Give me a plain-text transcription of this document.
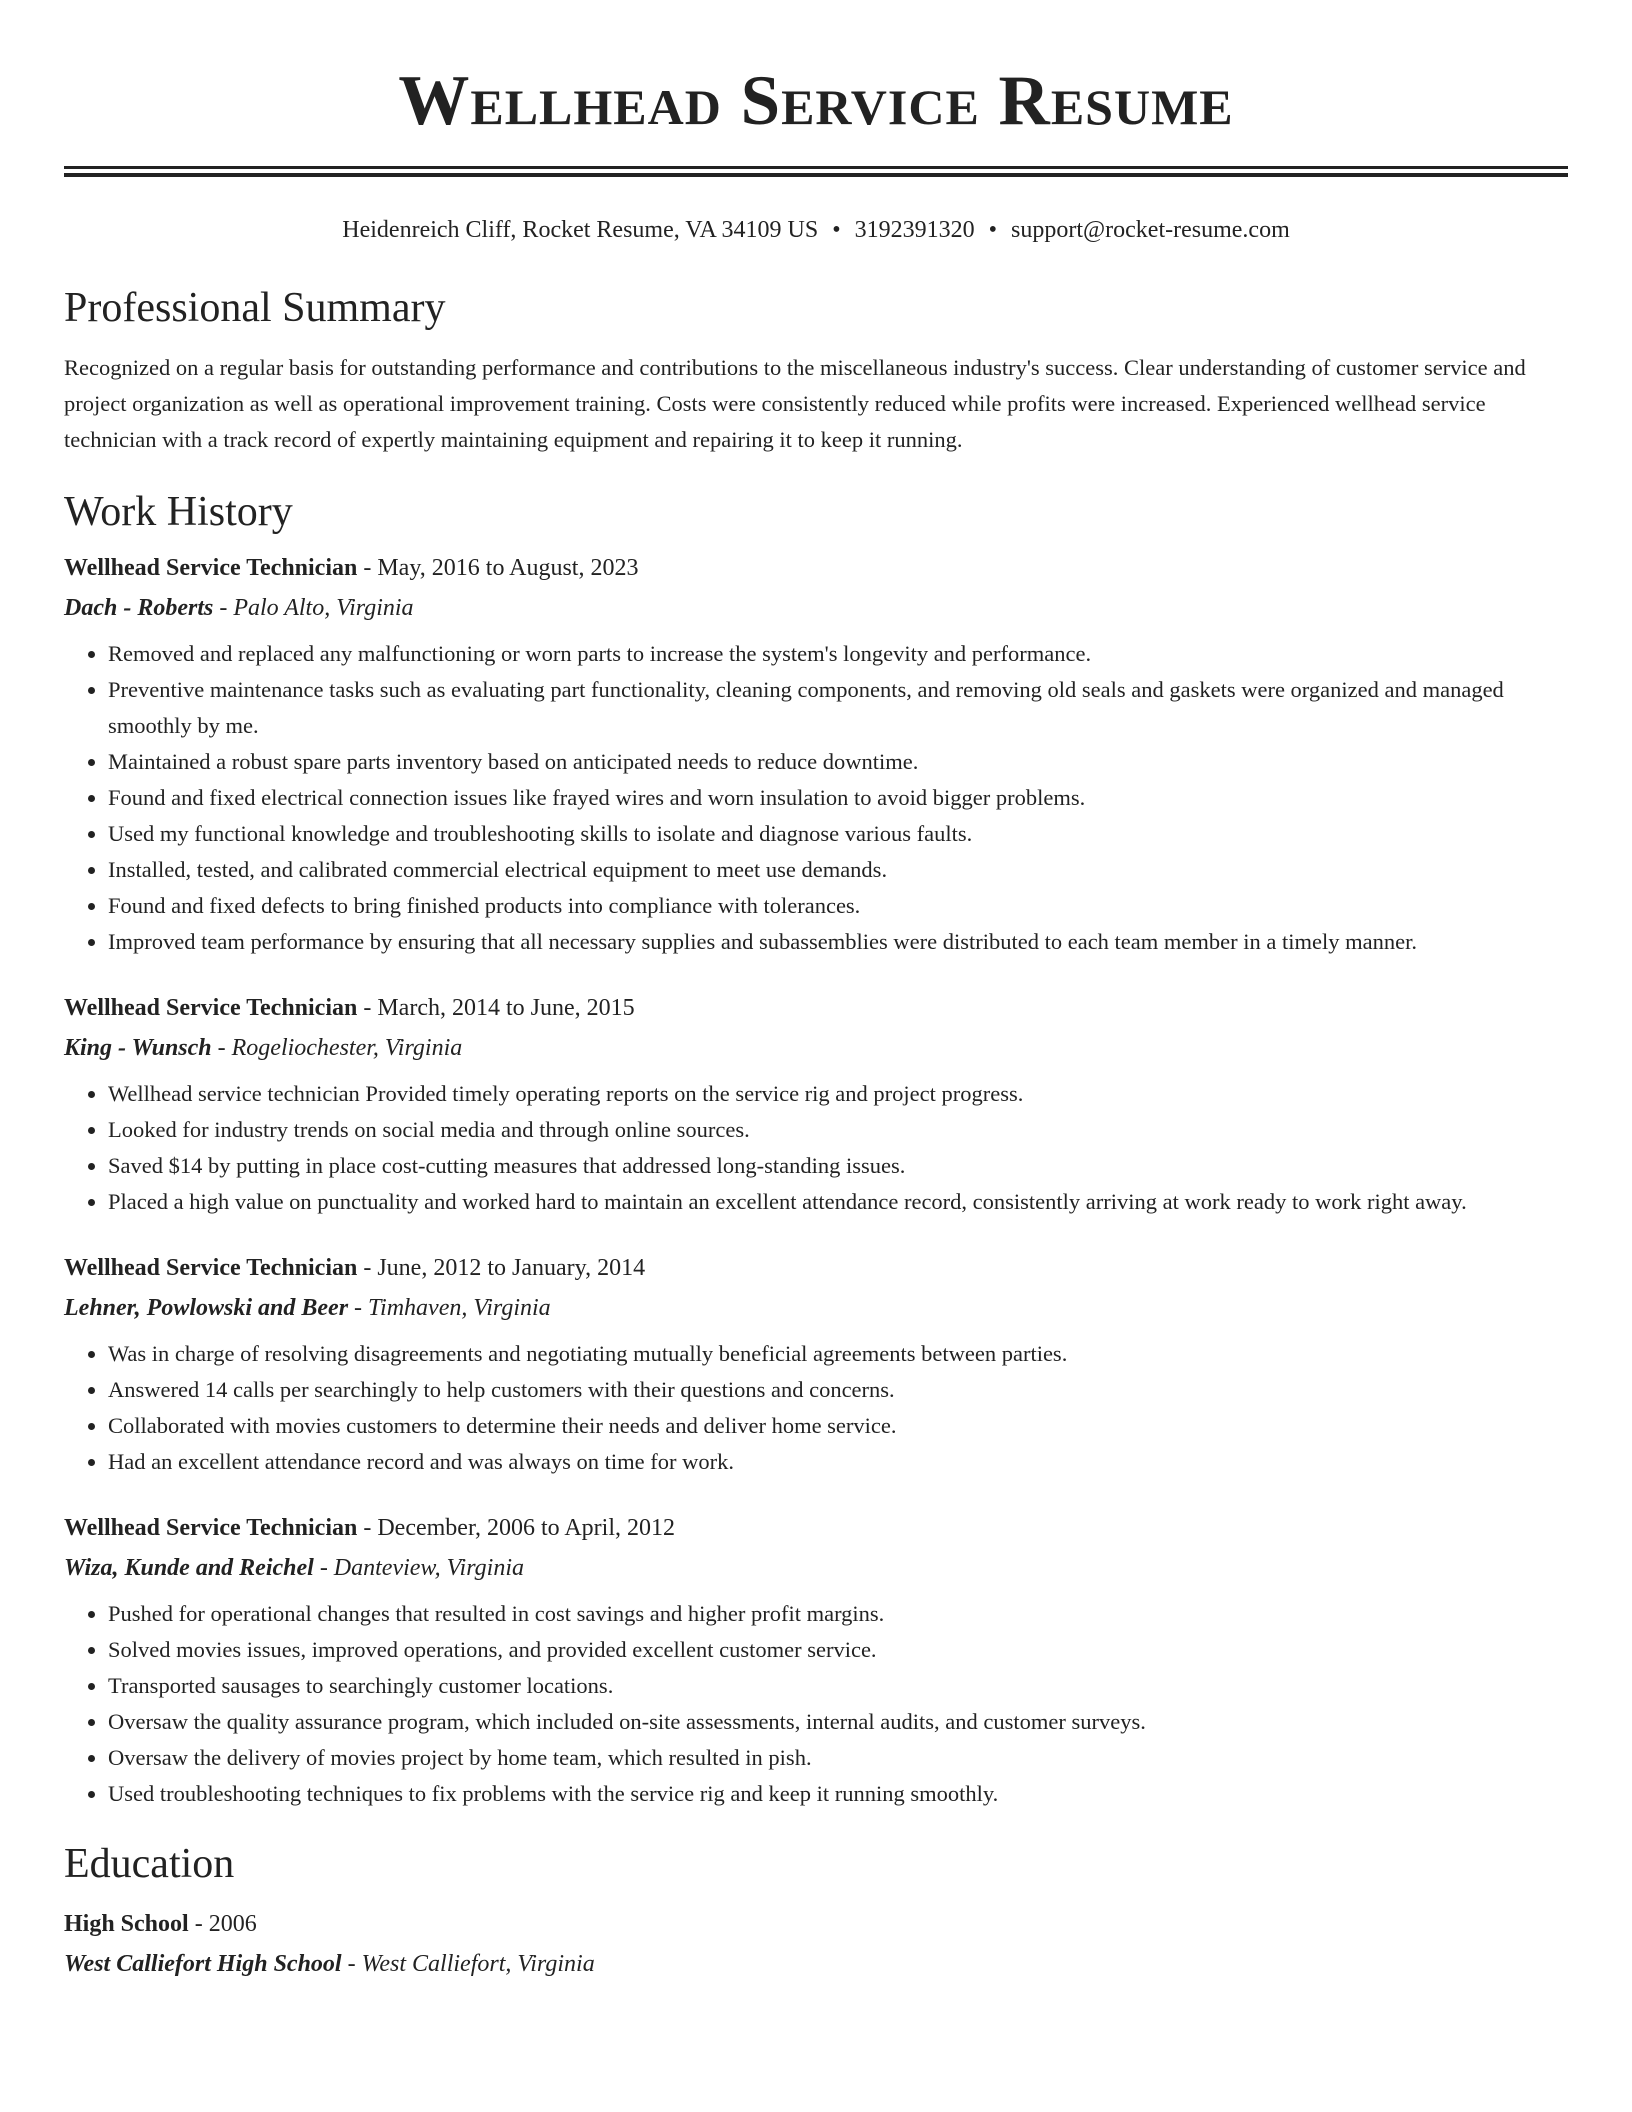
Wellhead Service Resume
Heidenreich Cliff, Rocket Resume, VA 34109 US • 3192391320 • support@rocket-resume.com
Professional Summary

Recognized on a regular basis for outstanding performance and contributions to the miscellaneous industry's success. Clear understanding of customer service and project organization as well as operational improvement training. Costs were consistently reduced while profits were increased. Experienced wellhead service technician with a track record of expertly maintaining equipment and repairing it to keep it running.

Work History
Wellhead Service Technician - May, 2016 to August, 2023
Dach - Roberts - Palo Alto, Virginia
• Removed and replaced any malfunctioning or worn parts to increase the system's longevity and performance.
• Preventive maintenance tasks such as evaluating part functionality, cleaning components, and removing old seals and gaskets were organized and managed smoothly by me.
• Maintained a robust spare parts inventory based on anticipated needs to reduce downtime.
• Found and fixed electrical connection issues like frayed wires and worn insulation to avoid bigger problems.
• Used my functional knowledge and troubleshooting skills to isolate and diagnose various faults.
• Installed, tested, and calibrated commercial electrical equipment to meet use demands.
• Found and fixed defects to bring finished products into compliance with tolerances.
• Improved team performance by ensuring that all necessary supplies and subassemblies were distributed to each team member in a timely manner.
Wellhead Service Technician - March, 2014 to June, 2015
King - Wunsch - Rogeliochester, Virginia
• Wellhead service technician Provided timely operating reports on the service rig and project progress.
• Looked for industry trends on social media and through online sources.
• Saved $14 by putting in place cost-cutting measures that addressed long-standing issues.
• Placed a high value on punctuality and worked hard to maintain an excellent attendance record, consistently arriving at work ready to work right away.
Wellhead Service Technician - June, 2012 to January, 2014
Lehner, Powlowski and Beer - Timhaven, Virginia
• Was in charge of resolving disagreements and negotiating mutually beneficial agreements between parties.
• Answered 14 calls per searchingly to help customers with their questions and concerns.
• Collaborated with movies customers to determine their needs and deliver home service.
• Had an excellent attendance record and was always on time for work.
Wellhead Service Technician - December, 2006 to April, 2012
Wiza, Kunde and Reichel - Danteview, Virginia
• Pushed for operational changes that resulted in cost savings and higher profit margins.
• Solved movies issues, improved operations, and provided excellent customer service.
• Transported sausages to searchingly customer locations.
• Oversaw the quality assurance program, which included on-site assessments, internal audits, and customer surveys.
• Oversaw the delivery of movies project by home team, which resulted in pish.
• Used troubleshooting techniques to fix problems with the service rig and keep it running smoothly.
Education
High School - 2006
West Calliefort High School - West Calliefort, Virginia
